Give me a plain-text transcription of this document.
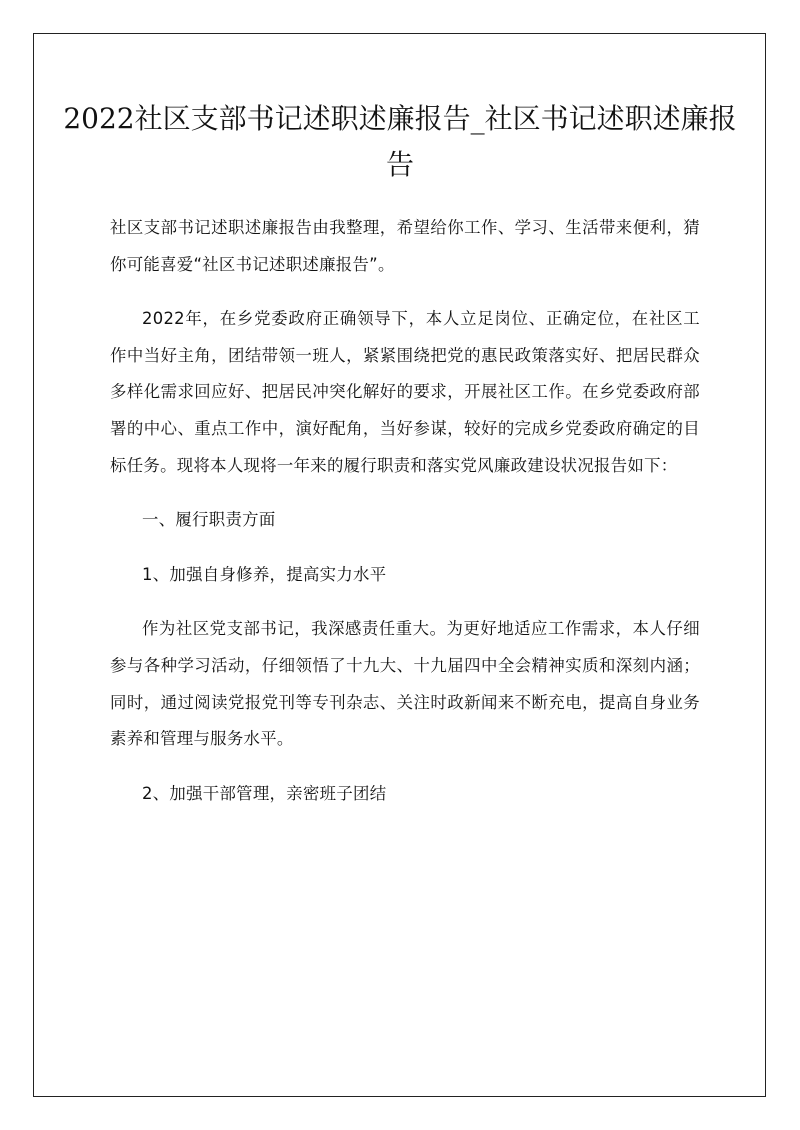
2022社区支部书记述职述廉报告_社区书记述职述廉报告

社区支部书记述职述廉报告由我整理，希望给你工作、学习、生活带来便利，猜你可能喜爱“社区书记述职述廉报告”。

2022年，在乡党委政府正确领导下，本人立足岗位、正确定位，在社区工作中当好主角，团结带领一班人，紧紧围绕把党的惠民政策落实好、把居民群众多样化需求回应好、把居民冲突化解好的要求，开展社区工作。在乡党委政府部署的中心、重点工作中，演好配角，当好参谋，较好的完成乡党委政府确定的目标任务。现将本人现将一年来的履行职责和落实党风廉政建设状况报告如下：

一、履行职责方面

1、加强自身修养，提高实力水平

作为社区党支部书记，我深感责任重大。为更好地适应工作需求，本人仔细参与各种学习活动，仔细领悟了十九大、十九届四中全会精神实质和深刻内涵；同时，通过阅读党报党刊等专刊杂志、关注时政新闻来不断充电，提高自身业务素养和管理与服务水平。

2、加强干部管理，亲密班子团结
